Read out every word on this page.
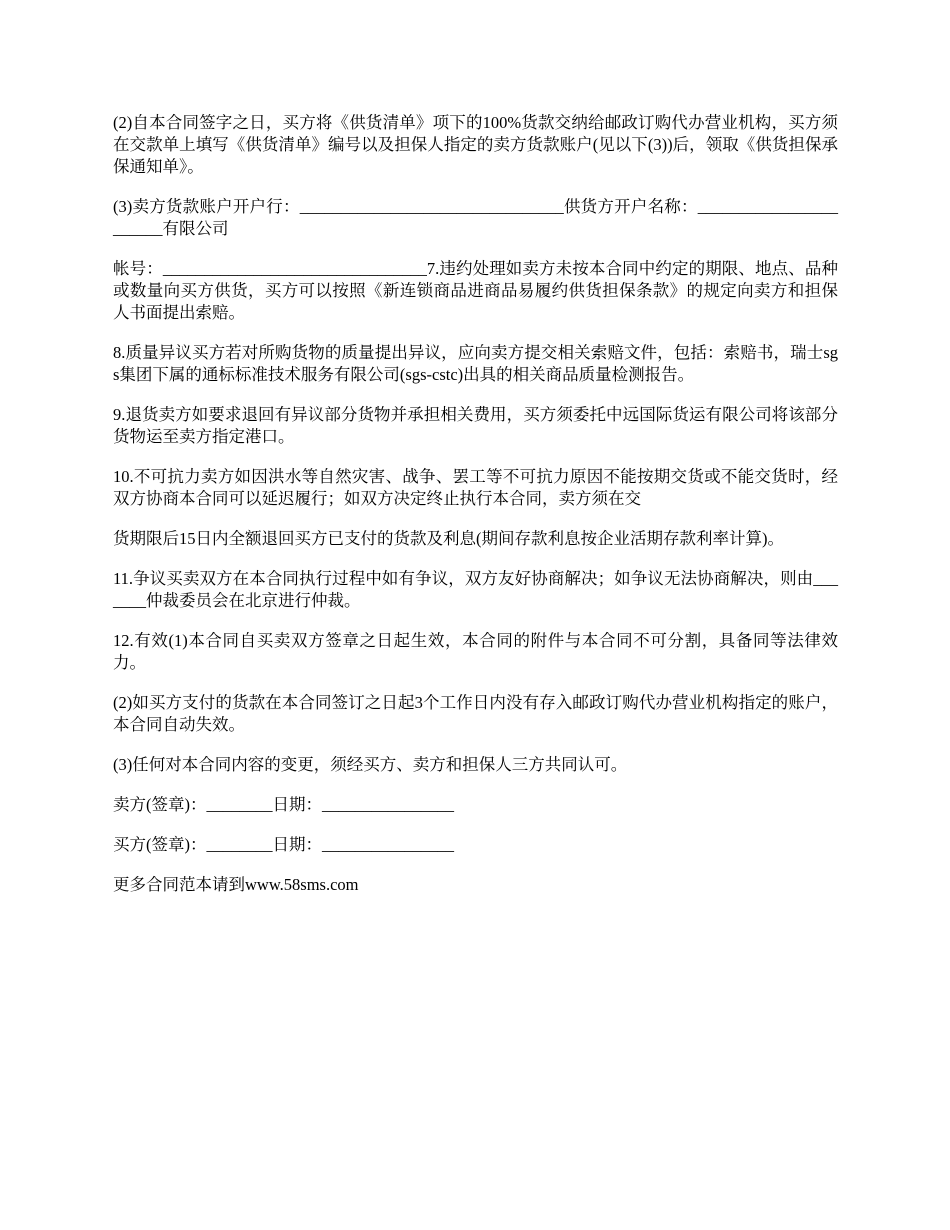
(2)自本合同签字之日，买方将《供货清单》项下的100%货款交纳给邮政订购代办营业机构，买方须在交款单上填写《供货清单》编号以及担保人指定的卖方货款账户(见以下(3))后，领取《供货担保承保通知单》。

(3)卖方货款账户开户行：________________________________供货方开户名称：_______________________有限公司

帐号：________________________________7.违约处理如卖方未按本合同中约定的期限、地点、品种或数量向买方供货，买方可以按照《新连锁商品进商品易履约供货担保条款》的规定向卖方和担保人书面提出索赔。

8.质量异议买方若对所购货物的质量提出异议，应向卖方提交相关索赔文件，包括：索赔书，瑞士sgs集团下属的通标标准技术服务有限公司(sgs-cstc)出具的相关商品质量检测报告。

9.退货卖方如要求退回有异议部分货物并承担相关费用，买方须委托中远国际货运有限公司将该部分货物运至卖方指定港口。

10.不可抗力卖方如因洪水等自然灾害、战争、罢工等不可抗力原因不能按期交货或不能交货时，经双方协商本合同可以延迟履行；如双方决定终止执行本合同，卖方须在交

货期限后15日内全额退回买方已支付的货款及利息(期间存款利息按企业活期存款利率计算)。

11.争议买卖双方在本合同执行过程中如有争议，双方友好协商解决；如争议无法协商解决，则由_______仲裁委员会在北京进行仲裁。

12.有效(1)本合同自买卖双方签章之日起生效，本合同的附件与本合同不可分割，具备同等法律效力。

(2)如买方支付的货款在本合同签订之日起3个工作日内没有存入邮政订购代办营业机构指定的账户，本合同自动失效。

(3)任何对本合同内容的变更，须经买方、卖方和担保人三方共同认可。

卖方(签章)：________日期：________________

买方(签章)：________日期：________________

更多合同范本请到www.58sms.com
